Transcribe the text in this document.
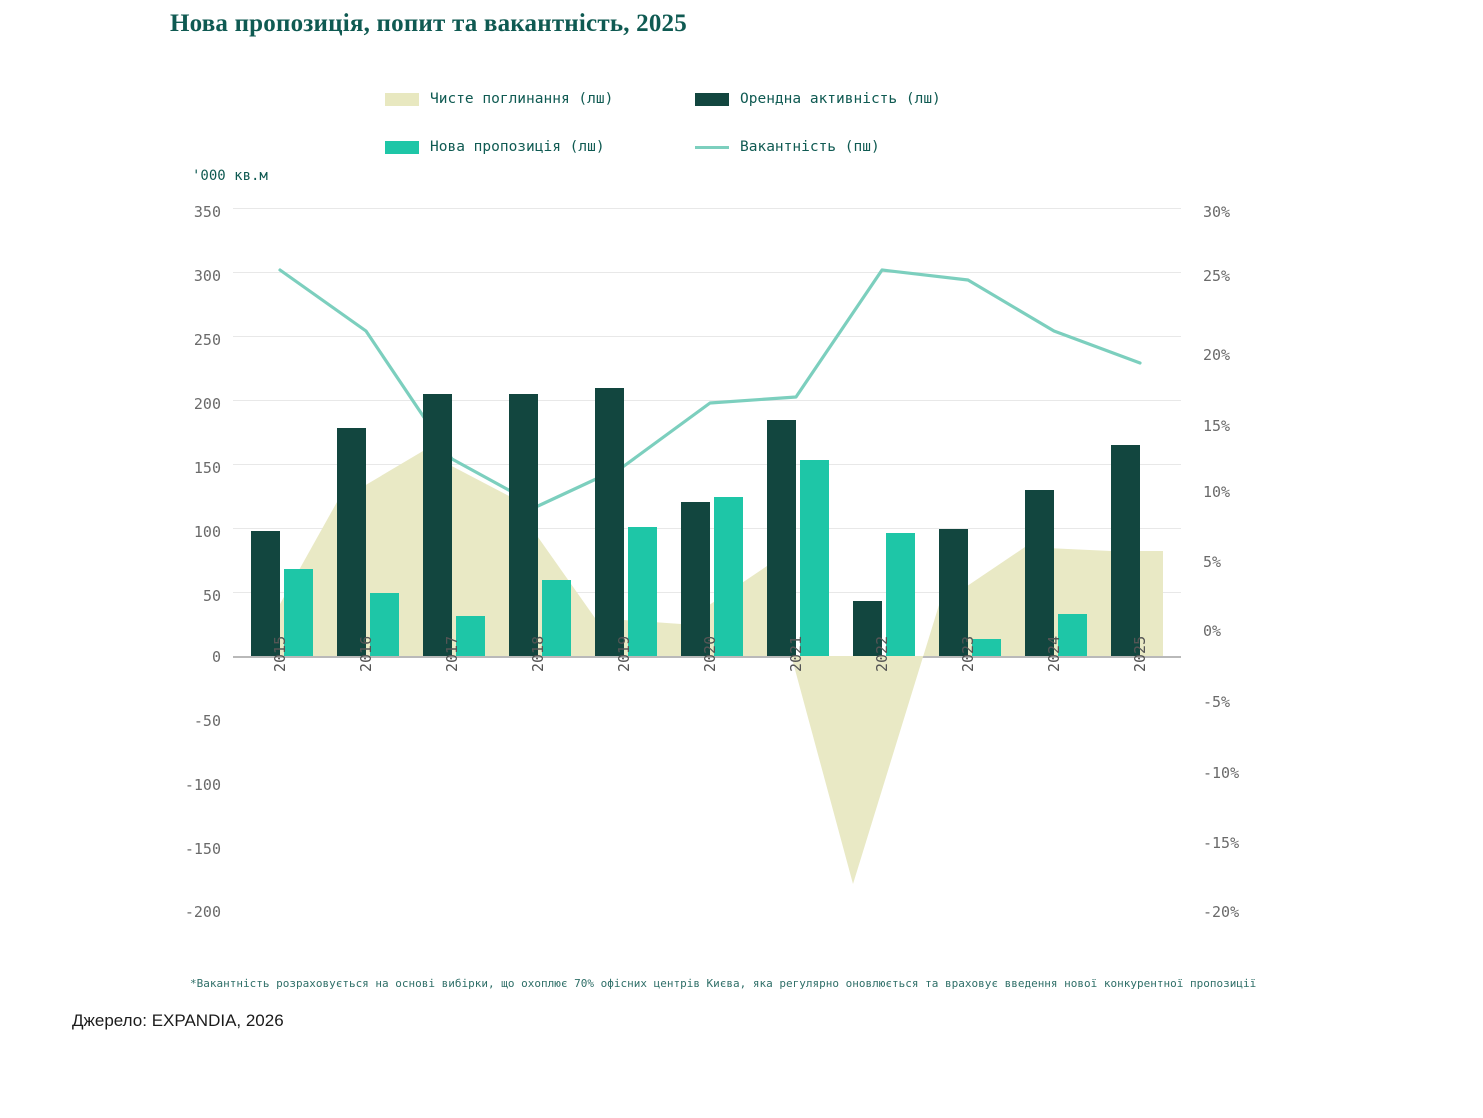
Нова пропозиція, попит та вакантність, 2025
Чисте поглинання (лш)	Орендна активність (лш)
Нова пропозиція (лш)	Вакантність (пш)
'000 кв.м
350
300
250
200
150
100
50
0
-50
-100
-150
-200
30%
25%
20%
15%
10%
5%
0%
-5%
-10%
-15%
-20%
2015	2016	2017	2018	2019	2020	2021	2022	2023	2024	2025
*Вакантність розраховується на основі вибірки, що охоплює 70% офісних центрів Києва, яка регулярно оновлюється та враховує введення нової конкурентної пропозиції
Джерело: EXPANDIA, 2026
